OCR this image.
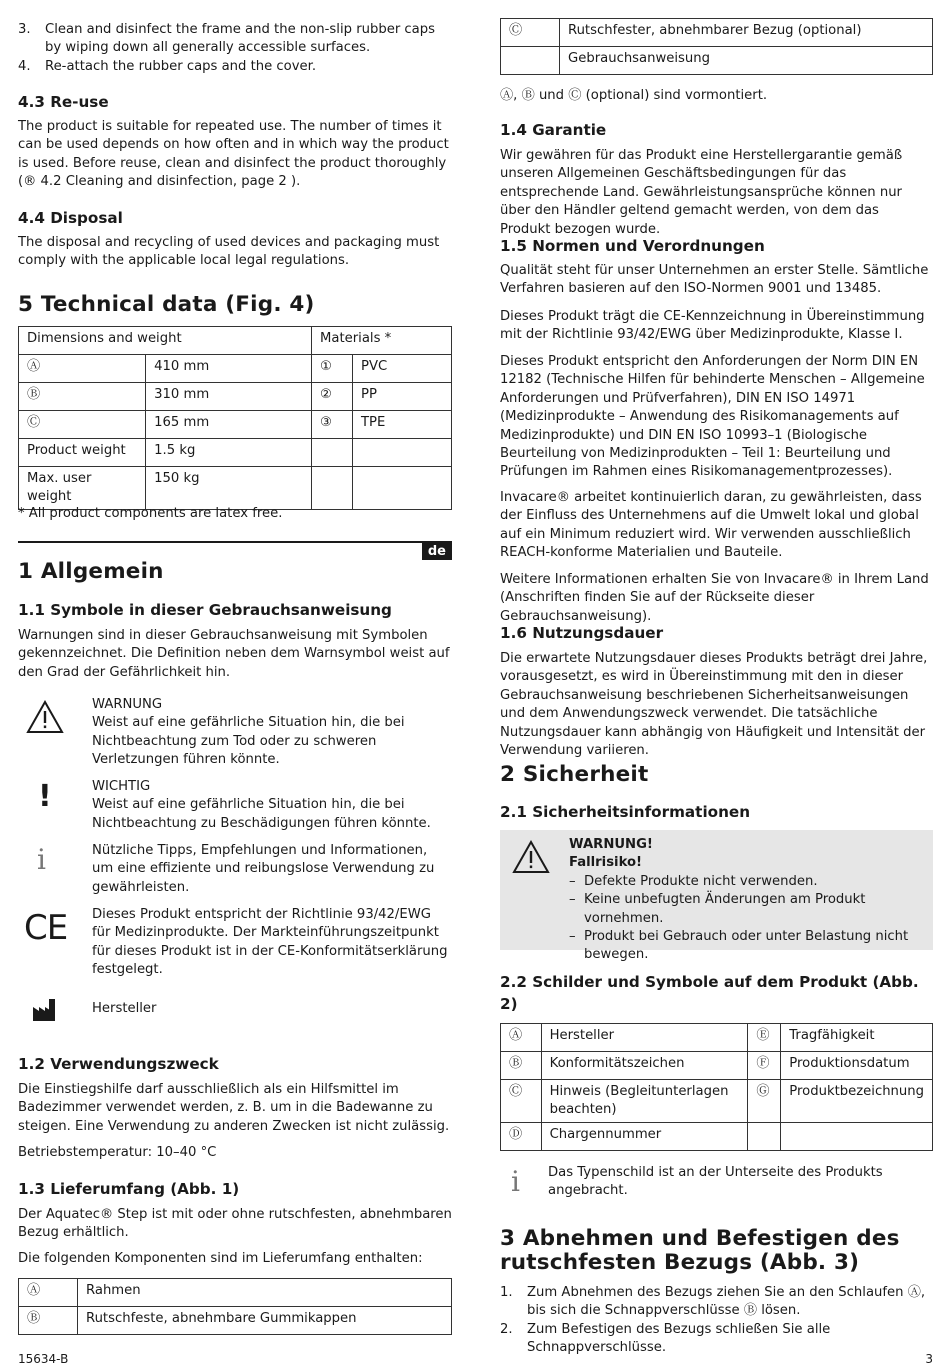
3. Clean and disinfect the frame and the non-slip rubber caps by wiping down all generally accessible surfaces.
4. Re-attach the rubber caps and the cover.
4.3 Re-use

The product is suitable for repeated use. The number of times it can be used depends on how often and in which way the product is used. Before reuse, clean and disinfect the product thoroughly

(® 4.2 Cleaning and disinfection, page 2 ).

4.4 Disposal

The disposal and recycling of used devices and packaging must comply with the applicable local legal regulations.

5 Technical data (Fig. 4)
Dimensions and weight		Materials *	
Ⓐ	410 mm	①	PVC
Ⓑ	310 mm	②	PP
Ⓒ	165 mm	③	TPE
Product weight	1.5 kg		
Max. user weight	150 kg		

* All product components are latex free.

de
1 Allgemein
1.1 Symbole in dieser Gebrauchsanweisung

Warnungen sind in dieser Gebrauchsanweisung mit Symbolen gekennzeichnet. Die Definition neben dem Warnsymbol weist auf den Grad der Gefährlichkeit hin.

WARNUNG
Weist auf eine gefährliche Situation hin, die bei Nichtbeachtung zum Tod oder zu schweren Verletzungen führen könnte.
!	WICHTIG
Weist auf eine gefährliche Situation hin, die bei Nichtbeachtung zu Beschädigungen führen könnte.
i	Nützliche Tipps, Empfehlungen und Informationen, um eine effiziente und reibungslose Verwendung zu gewährleisten.
CE Dieses Produkt entspricht der Richtlinie 93/42/EWG für Medizinprodukte. Der Markteinführungszeitpunkt für dieses Produkt ist in der CE-Konformitätserklärung festgelegt.
Hersteller
1.2 Verwendungszweck

Die Einstiegshilfe darf ausschließlich als ein Hilfsmittel im Badezimmer verwendet werden, z. B. um in die Badewanne zu steigen. Eine Verwendung zu anderen Zwecken ist nicht zulässig.

Betriebstemperatur: 10–40 °C

1.3 Lieferumfang (Abb. 1)

Der Aquatec® Step ist mit oder ohne rutschfesten, abnehmbaren Bezug erhältlich.

Die folgenden Komponenten sind im Lieferumfang enthalten:

Ⓐ	Rahmen
Ⓑ	Rutschfeste, abnehmbare Gummikappen
15634-B
Ⓒ	Rutschfester, abnehmbarer Bezug (optional)
	Gebrauchsanweisung

Ⓐ, Ⓑ und Ⓒ (optional) sind vormontiert.

1.4 Garantie

Wir gewähren für das Produkt eine Herstellergarantie gemäß unseren Allgemeinen Geschäftsbedingungen für das entsprechende Land. Gewährleistungsansprüche können nur über den Händler geltend gemacht werden, von dem das Produkt bezogen wurde.

1.5 Normen und Verordnungen

Qualität steht für unser Unternehmen an erster Stelle. Sämtliche Verfahren basieren auf den ISO-Normen 9001 und 13485.

Dieses Produkt trägt die CE-Kennzeichnung in Übereinstimmung mit der Richtlinie 93/42/EWG über Medizinprodukte, Klasse I.

Dieses Produkt entspricht den Anforderungen der Norm DIN EN 12182 (Technische Hilfen für behinderte Menschen – Allgemeine Anforderungen und Prüfverfahren), DIN EN ISO 14971 (Medizinprodukte – Anwendung des Risikomanagements auf Medizinprodukte) und DIN EN ISO 10993–1 (Biologische Beurteilung von Medizinprodukten – Teil 1: Beurteilung und Prüfungen im Rahmen eines Risikomanagementprozesses).

Invacare® arbeitet kontinuierlich daran, zu gewährleisten, dass der Einfluss des Unternehmens auf die Umwelt lokal und global auf ein Minimum reduziert wird. Wir verwenden ausschließlich REACH-konforme Materialien und Bauteile.

Weitere Informationen erhalten Sie von Invacare® in Ihrem Land (Anschriften finden Sie auf der Rückseite dieser Gebrauchsanweisung).

1.6 Nutzungsdauer

Die erwartete Nutzungsdauer dieses Produkts beträgt drei Jahre, vorausgesetzt, es wird in Übereinstimmung mit den in dieser Gebrauchsanweisung beschriebenen Sicherheitsanweisungen und dem Anwendungszweck verwendet. Die tatsächliche Nutzungsdauer kann abhängig von Häufigkeit und Intensität der Verwendung variieren.

2 Sicherheit
2.1 Sicherheitsinformationen
WARNUNG!
Fallrisiko!
– Defekte Produkte nicht verwenden.
– Keine unbefugten Änderungen am Produkt vornehmen.
– Produkt bei Gebrauch oder unter Belastung nicht bewegen.
2.2 Schilder und Symbole auf dem Produkt (Abb. 2)
Ⓐ	Hersteller	Ⓔ	Tragfähigkeit
Ⓑ	Konformitätszeichen	Ⓕ	Produktionsdatum
Ⓒ	Hinweis (Begleitunterlagen beachten)	Ⓖ	Produktbezeichnung
Ⓓ	Chargennummer		
i Das Typenschild ist an der Unterseite des Produkts angebracht.
3 Abnehmen und Befestigen des rutschfesten Bezugs (Abb. 3)
1. Zum Abnehmen des Bezugs ziehen Sie an den Schlaufen Ⓐ, bis sich die Schnappverschlüsse Ⓑ lösen.
2. Zum Befestigen des Bezugs schließen Sie alle Schnappverschlüsse.
3
